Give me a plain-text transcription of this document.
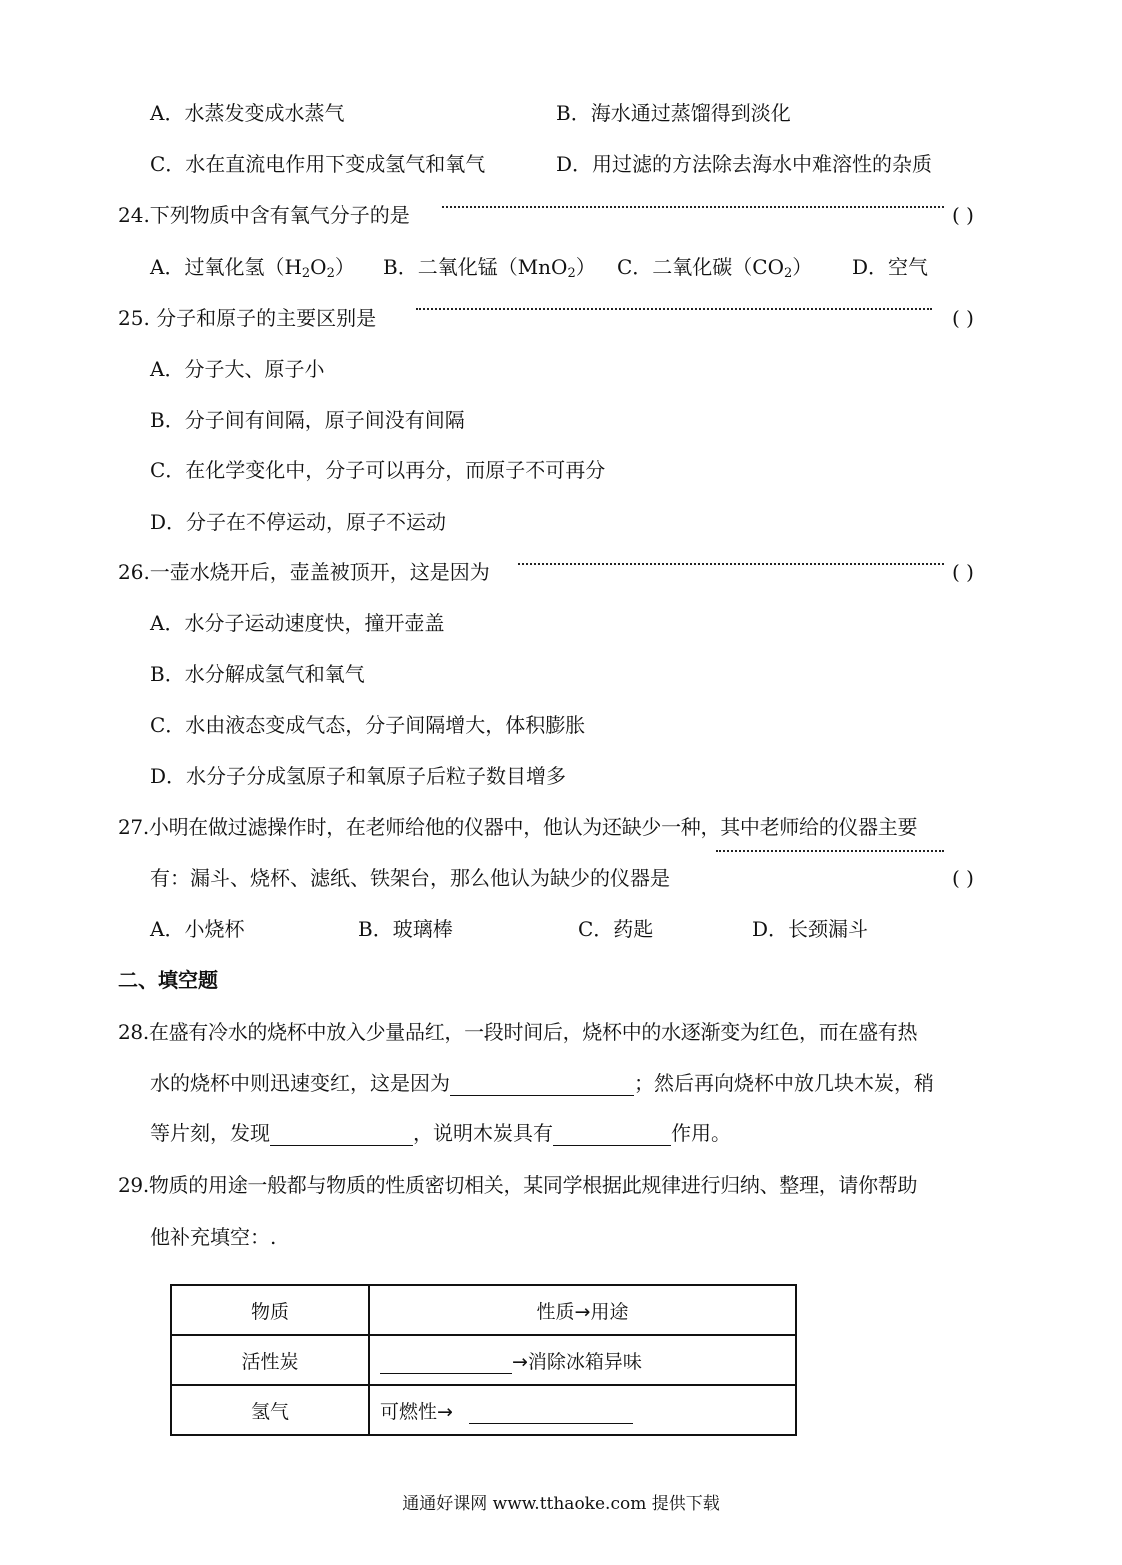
A．水蒸发变成水蒸气	B．海水通过蒸馏得到淡化
C．水在直流电作用下变成氢气和氧气	D．用过滤的方法除去海水中难溶性的杂质
24.下列物质中含有氧气分子的是	( )
A．过氧化氢$(H_2O_2)$ B．二氧化锰（MnO$_2$） C．二氧化碳$(CO_2)$ D．空气
25. 分子和原子的主要区别是	( )
A．分子大、原子小
B．分子间有间隔，原子间没有间隔
C．在化学变化中，分子可以再分，而原子不可再分
D．分子在不停运动，原子不运动
26.一壶水烧开后，壶盖被顶开，这是因为	( )
A．水分子运动速度快，撞开壶盖
B．水分解成氢气和氧气
C．水由液态变成气态，分子间隔增大，体积膨胀
D．水分子分成氢原子和氧原子后粒子数目增多
27.小明在做过滤操作时，在老师给他的仪器中，他认为还缺少一种，其中老师给的仪器主要
有：漏斗、烧杯、滤纸、铁架台，那么他认为缺少的仪器是	( )
A．小烧杯	B．玻璃棒	C．药匙	D．长颈漏斗
二、填空题
28.在盛有冷水的烧杯中放入少量品红，一段时间后，烧杯中的水逐渐变为红色，而在盛有热
水的烧杯中则迅速变红，这是因为	；然后再向烧杯中放几块木炭，稍
等片刻，发现	，说明木炭具有	作用。
29.物质的用途一般都与物质的性质密切相关，某同学根据此规律进行归纳、整理，请你帮助
他补充填空：.
物质	性质→用途
活性炭	→消除冰箱异味
氢气	可燃性→
通通好课网 www.tthaoke.com 提供下载
